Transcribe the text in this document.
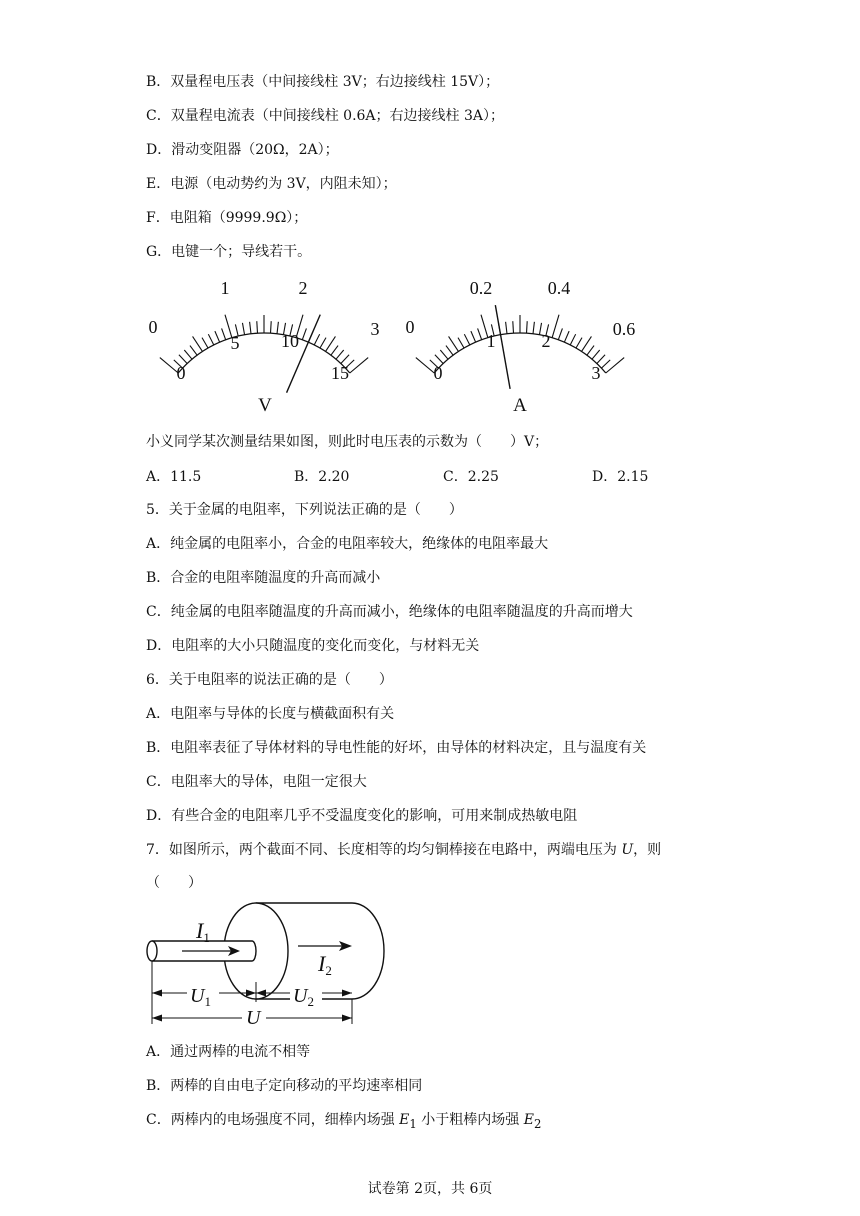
B．双量程电压表（中间接线柱 3V；右边接线柱 15V）；
C．双量程电流表（中间接线柱 0.6A；右边接线柱 3A）；
D．滑动变阻器（20Ω，2A）；
E．电源（电动势约为 3V，内阻未知）；
F．电阻箱（9999.9Ω）；
G．电键一个；导线若干。
0
1	2
3
0
5 10
15
V
0
0.2	0.4
0.6
0
1	2
3
A
小义同学某次测量结果如图，则此时电压表的示数为（　　）V；
A．11.5	B．2.20	C．2.25	D．2.15
5．关于金属的电阻率，下列说法正确的是（　　）
A．纯金属的电阻率小，合金的电阻率较大，绝缘体的电阻率最大
B．合金的电阻率随温度的升高而减小
C．纯金属的电阻率随温度的升高而减小，绝缘体的电阻率随温度的升高而增大
D．电阻率的大小只随温度的变化而变化，与材料无关
6．关于电阻率的说法正确的是（　　）
A．电阻率与导体的长度与横截面积有关
B．电阻率表征了导体材料的导电性能的好坏，由导体的材料决定，且与温度有关
C．电阻率大的导体，电阻一定很大
D．有些合金的电阻率几乎不受温度变化的影响，可用来制成热敏电阻
7．如图所示，两个截面不同、长度相等的均匀铜棒接在电路中，两端电压为 U，则
（　　）
I1
I2
$U_1$	$U_2$
U
A．通过两棒的电流不相等
B．两棒的自由电子定向移动的平均速率相同
C．两棒内的电场强度不同，细棒内场强 $E_1$ 小于粗棒内场强 $E_2$
试卷第 2页，共 6页
